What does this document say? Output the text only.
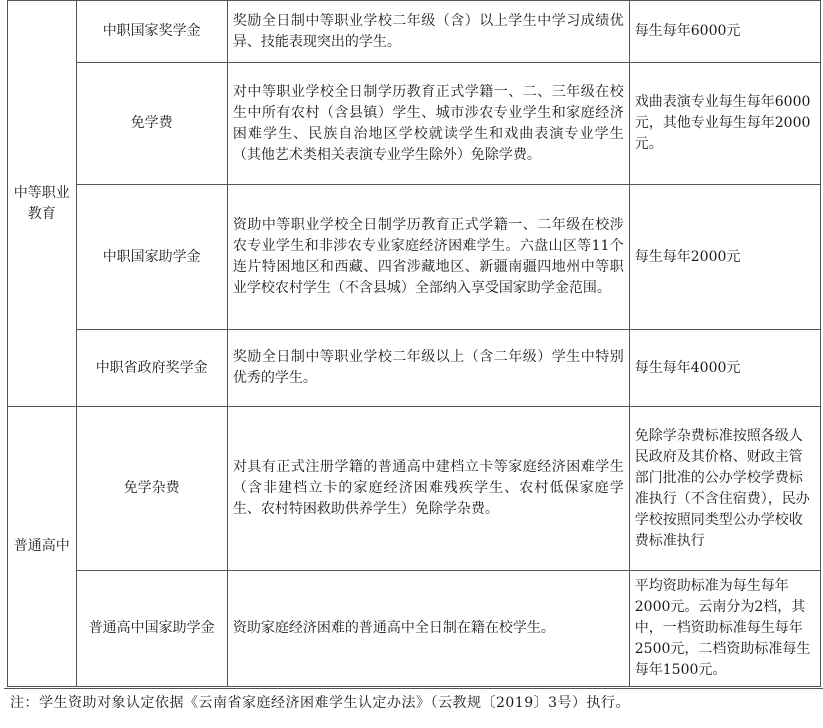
中等职业
教育	中职国家奖学金	奖励全日制中等职业学校二年级（含）以上学生中学习成绩优异、技能表现突出的学生。	每生每年6000元
	免学费	对中等职业学校全日制学历教育正式学籍一、二、三年级在校生中所有农村（含县镇）学生、城市涉农专业学生和家庭经济困难学生、民族自治地区学校就读学生和戏曲表演专业学生（其他艺术类相关表演专业学生除外）免除学费。	戏曲表演专业每生每年6000元，其他专业每生每年2000元。
	中职国家助学金	资助中等职业学校全日制学历教育正式学籍一、二年级在校涉农专业学生和非涉农专业家庭经济困难学生。六盘山区等11个连片特困地区和西藏、四省涉藏地区、新疆南疆四地州中等职业学校农村学生（不含县城）全部纳入享受国家助学金范围。	每生每年2000元
	中职省政府奖学金	奖励全日制中等职业学校二年级以上（含二年级）学生中特别优秀的学生。	每生每年4000元
普通高中	免学杂费	对具有正式注册学籍的普通高中建档立卡等家庭经济困难学生（含非建档立卡的家庭经济困难残疾学生、农村低保家庭学生、农村特困救助供养学生）免除学杂费。	免除学杂费标准按照各级人民政府及其价格、财政主管部门批准的公办学校学费标准执行（不含住宿费），民办学校按照同类型公办学校收费标准执行
	普通高中国家助学金	资助家庭经济困难的普通高中全日制在籍在校学生。	平均资助标准为每生每年2000元。云南分为2档，其中，一档资助标准每生每年2500元，二档资助标准每生每年1500元。
注：学生资助对象认定依据《云南省家庭经济困难学生认定办法》（云教规〔2019〕3号）执行。
